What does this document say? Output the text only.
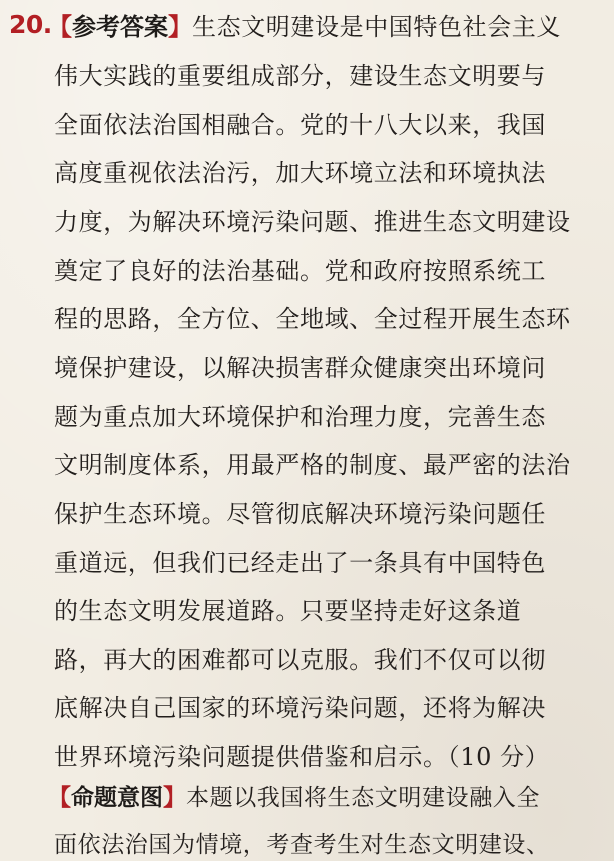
20.
【参考答案】生态文明建设是中国特色社会主义
伟大实践的重要组成部分，建设生态文明要与
全面依法治国相融合。党的十八大以来，我国
高度重视依法治污，加大环境立法和环境执法
力度，为解决环境污染问题、推进生态文明建设
奠定了良好的法治基础。党和政府按照系统工
程的思路，全方位、全地域、全过程开展生态环
境保护建设，以解决损害群众健康突出环境问
题为重点加大环境保护和治理力度，完善生态
文明制度体系，用最严格的制度、最严密的法治
保护生态环境。尽管彻底解决环境污染问题任
重道远，但我们已经走出了一条具有中国特色
的生态文明发展道路。只要坚持走好这条道
路，再大的困难都可以克服。我们不仅可以彻
底解决自己国家的环境污染问题，还将为解决
世界环境污染问题提供借鉴和启示。（10 分）
【命题意图】本题以我国将生态文明建设融入全
面依法治国为情境，考查考生对生态文明建设、
